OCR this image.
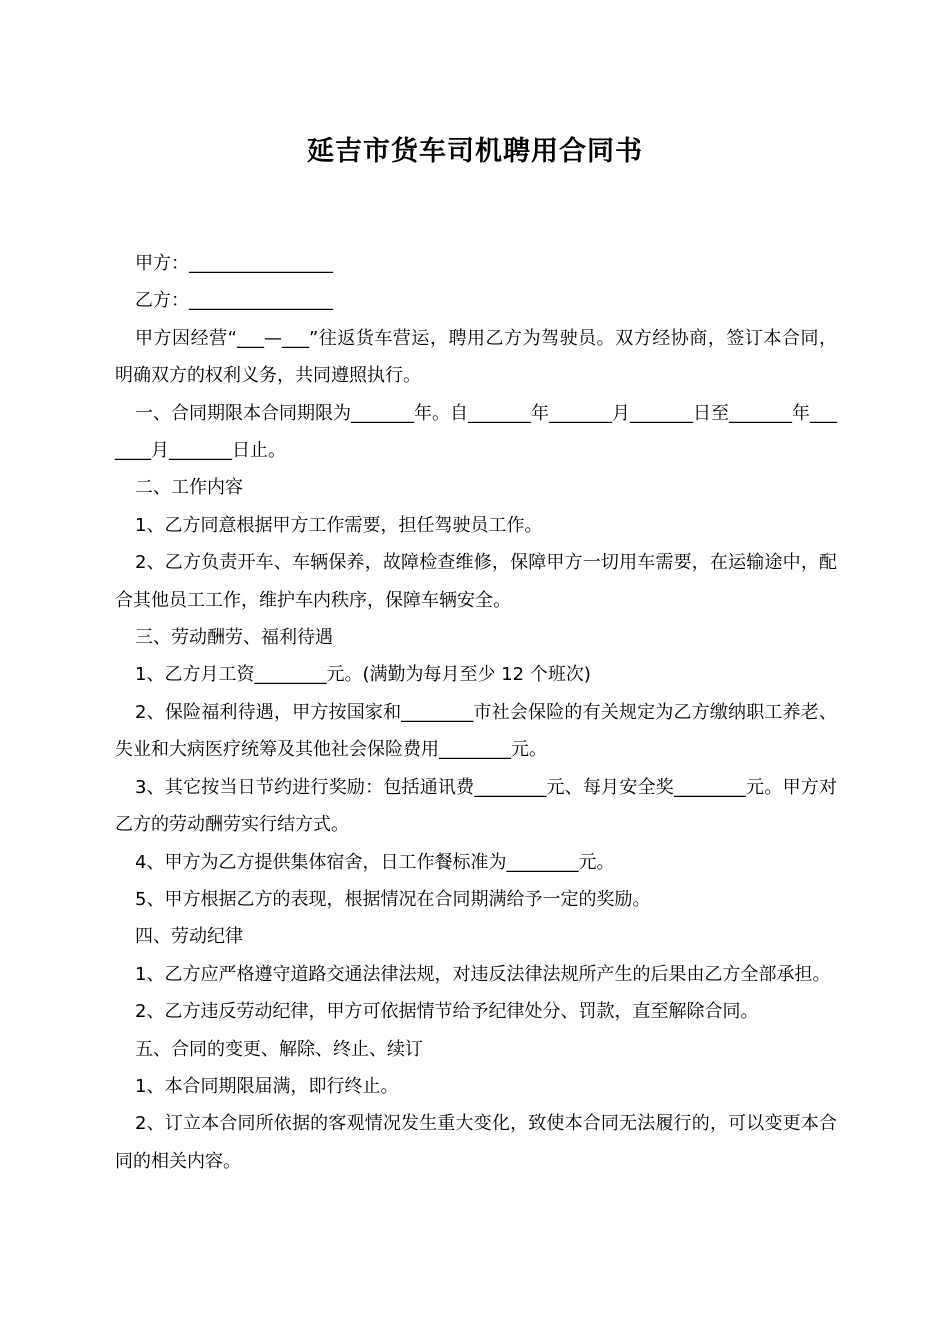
延吉市货车司机聘用合同书

甲方：________________

乙方：________________

甲方因经营“___—___”往返货车营运，聘用乙方为驾驶员。双方经协商，签订本合同，明确双方的权利义务，共同遵照执行。

一、合同期限本合同期限为_______年。自_______年_______月_______日至_______年_______月_______日止。

二、工作内容

1、乙方同意根据甲方工作需要，担任驾驶员工作。

2、乙方负责开车、车辆保养，故障检查维修，保障甲方一切用车需要，在运输途中，配合其他员工工作，维护车内秩序，保障车辆安全。

三、劳动酬劳、福利待遇

1、乙方月工资________元。(满勤为每月至少 12 个班次)

2、保险福利待遇，甲方按国家和________市社会保险的有关规定为乙方缴纳职工养老、失业和大病医疗统筹及其他社会保险费用________元。

3、其它按当日节约进行奖励：包括通讯费________元、每月安全奖________元。甲方对乙方的劳动酬劳实行结方式。

4、甲方为乙方提供集体宿舍，日工作餐标准为________元。

5、甲方根据乙方的表现，根据情况在合同期满给予一定的奖励。

四、劳动纪律

1、乙方应严格遵守道路交通法律法规，对违反法律法规所产生的后果由乙方全部承担。

2、乙方违反劳动纪律，甲方可依据情节给予纪律处分、罚款，直至解除合同。

五、合同的变更、解除、终止、续订

1、本合同期限届满，即行终止。

2、订立本合同所依据的客观情况发生重大变化，致使本合同无法履行的，可以变更本合同的相关内容。
